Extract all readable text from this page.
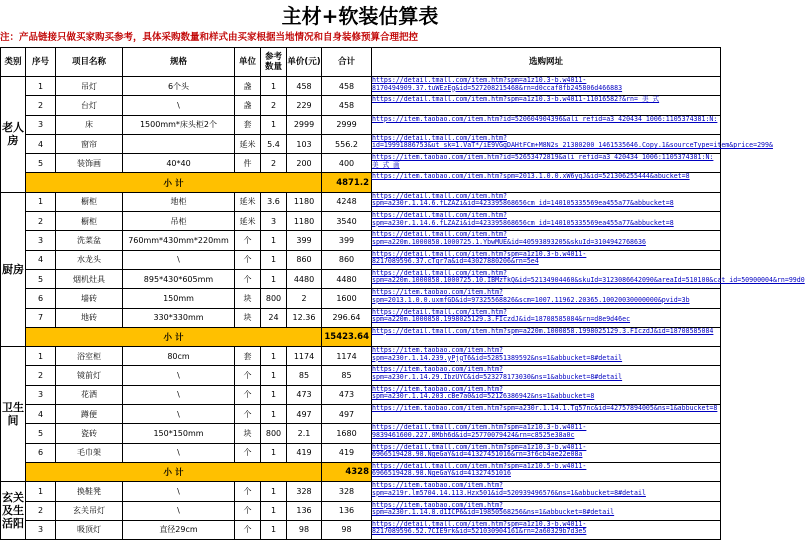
主材+软装估算表
注：产品链接只做买家购买参考，具体采购数量和样式由买家根据当地情况和自身装修预算合理把控
类别	序号	项目名称	规格	单位	参考数量	单价(元)	合计	选购网址
老人房	1	吊灯	6个头	盏	1	458	458	https://detail.tmall.com/item.htm?spm=a1z10.3-b.w4011-8170494909.37.tuWEzEg&id=527208215468&rn=d0ccaf8fb245806d466883
	2	台灯	\	盏	2	229	458	https://detail.tmall.com/item.htm?spm=a1z10.3-b.w4011-11016582?&rn= 美 式
	3	床	1500mm*床头柜2个	套	1	2999	2999	https://item.taobao.com/item.htm?id=520604904396&ali_refid=a3_420434_1006:1105374381:N:
	4	窗帘		延米	5.4	103	556.2	https://detail.tmall.com/item.htm?id=19991886753&ut_sk=1.VaT*/iE9VGgDAHtFCm+M8N2s_21380200_1461535646.Copy.1&sourceType=item&price=299&
	5	装饰画	40*40	件	2	200	400	https://item.taobao.com/item.htm?id=52653472819&ali_refid=a3_420434_1006:1105374381:N: 美 式 画
	小 计						4871.2	https://item.taobao.com/item.htm?spm=2013.1.0.0.xW6yqJ&id=521306255444&abucket=8
厨房	1	橱柜	地柜	延米	3.6	1180	4248	https://detail.tmall.com/item.htm?spm=a230r.1.14.6.fLZAZi&id=423395868656cm_id=140105335569ea455a77&abbucket=8
	2	橱柜	吊柜	延米	3	1180	3540	https://detail.tmall.com/item.htm?spm=a230r.1.14.6.fLZAZi&id=423395868656cm_id=140105335569ea455a77&abbucket=8
	3	洗菜盆	760mm*430mm*220mm	个	1	399	399	https://detail.tmall.com/item.htm?spm=a220m.1000858.1000725.1.YbwMUE&id=40593893205&skuId=3104942768636
	4	水龙头	\	个	1	860	860	https://detail.tmall.com/item.htm?spm=a1z10.3-b.w4011-8217089596.37.cTqr7a&id=43027880206&rn=5e4
	5	烟机灶具	895*430*605mm	个	1	4480	4480	https://detail.tmall.com/item.htm?spm=a220m.1000858.1000725.10.IBMzfkQ&id=52134904460&skuId=3123086642090&areaId=510100&cat_id=50900004&rn=99d0
	6	墙砖	150mm	块	800	2	1600	https://item.taobao.com/item.htm?spm=2013.1.0.0.uxmfGD&id=97325568826&scm=1007.11962.20365.10020030000000&pvid=3b
	7	地砖	330*330mm	块	24	12.36	296.64	https://detail.tmall.com/item.htm?spm=a220m.1000858.1998025129.3.FIczdJ&id=18708585084&rn=d8e9d46ec
	小 计						15423.64	https://detail.tmall.com/item.htm?spm=a220m.1000858.1998025129.3.FIczdJ&id=18708585084
卫生间	1	浴室柜	80cm	套	1	1174	1174	https://item.taobao.com/item.htm?spm=a230r.1.14.239.yPjgT6&id=52851389592&ns=1&abbucket=8#detail
	2	镜前灯	\	个	1	85	85	https://item.taobao.com/item.htm?spm=a230r.1.14.29.IbzUYC&id=523278173030&ns=1&abbucket=8#detail
	3	花洒	\	个	1	473	473	https://item.taobao.com/item.htm?spm=a230r.1.14.203.cBe7a0&id=52126386942&ns=1&abbucket=8
	4	蹲便	\	个	1	497	497	https://item.taobao.com/item.htm?spm=a230r.1.14.1.Tg57nc&id=42757894005&ns=1&abbucket=8
	5	瓷砖	150*150mm	块	800	2.1	1680	https://detail.tmall.com/item.htm?spm=a1z10.3-b.w4011-9839461600.227.0Mbh6d&id=25770079424&rn=c8525e38a0c
	6	毛巾架	\	个	1	419	419	https://detail.tmall.com/item.htm?spm=a1z10.3-b.w4011-6966519428.98.NgeGaY&id=41327451016&rn=3f6cb4ae22e08a
	小 计						4328	https://detail.tmall.com/item.htm?spm=a1z10.5-b.w4011-6966519428.98.NgeGaY&id=41327451016
玄关及生活阳	1	换鞋凳	\	个	1	328	328	https://item.taobao.com/item.htm?spm=a219r.lm5704.14.113.Hzx501&id=520939496576&ns=1&abbucket=8#detail
	2	玄关吊灯	\	个	1	136	136	https://item.taobao.com/item.htm?spm=a230r.1.14.8.d1ICP6&id=19850568256&ns=1&abbucket=8#detail
	3	吸顶灯	直径29cm	个	1	98	98	https://detail.tmall.com/item.htm?spm=a1z10.3-b.w4011-8217089596.52.7CIE9rk&id=521030904161&rn=2a60329b7d3e5
